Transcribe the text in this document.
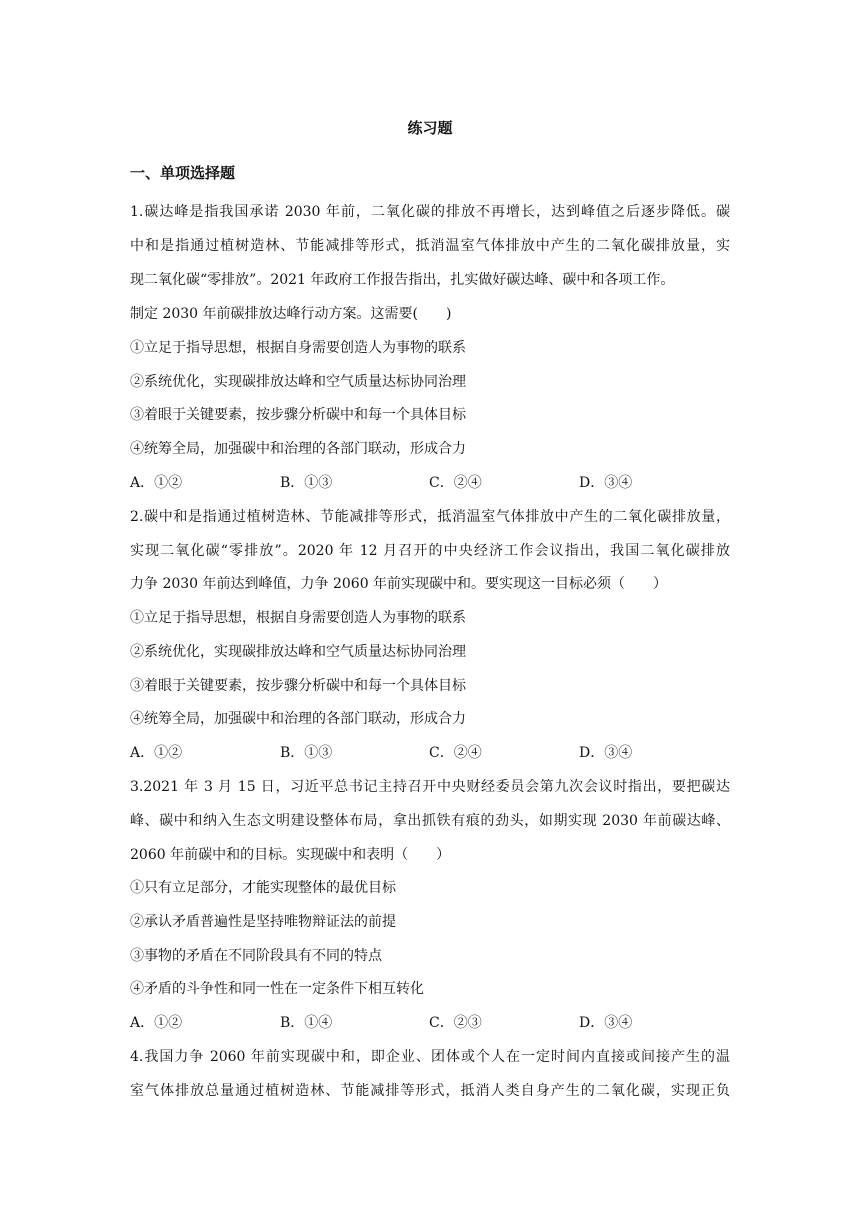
练习题
一、单项选择题
1.碳达峰是指我国承诺 2030 年前，二氧化碳的排放不再增长，达到峰值之后逐步降低。碳
中和是指通过植树造林、节能减排等形式，抵消温室气体排放中产生的二氧化碳排放量，实
现二氧化碳“零排放”。2021 年政府工作报告指出，扎实做好碳达峰、碳中和各项工作。
制定 2030 年前碳排放达峰行动方案。这需要(　　)
①立足于指导思想，根据自身需要创造人为事物的联系
②系统优化，实现碳排放达峰和空气质量达标协同治理
③着眼于关键要素，按步骤分析碳中和每一个具体目标
④统筹全局，加强碳中和治理的各部门联动，形成合力
A．①②	B．①③	C．②④	D．③④
2.碳中和是指通过植树造林、节能减排等形式，抵消温室气体排放中产生的二氧化碳排放量，
实现二氧化碳“零排放”。2020 年 12 月召开的中央经济工作会议指出，我国二氧化碳排放
力争 2030 年前达到峰值，力争 2060 年前实现碳中和。要实现这一目标必须（　　）
①立足于指导思想，根据自身需要创造人为事物的联系
②系统优化，实现碳排放达峰和空气质量达标协同治理
③着眼于关键要素，按步骤分析碳中和每一个具体目标
④统筹全局，加强碳中和治理的各部门联动，形成合力
A．①②	B．①③	C．②④	D．③④
3.2021 年 3 月 15 日，习近平总书记主持召开中央财经委员会第九次会议时指出，要把碳达
峰、碳中和纳入生态文明建设整体布局，拿出抓铁有痕的劲头，如期实现 2030 年前碳达峰、
2060 年前碳中和的目标。实现碳中和表明（　　）
①只有立足部分，才能实现整体的最优目标
②承认矛盾普遍性是坚持唯物辩证法的前提
③事物的矛盾在不同阶段具有不同的特点
④矛盾的斗争性和同一性在一定条件下相互转化
A．①②	B．①④	C．②③	D．③④
4.我国力争 2060 年前实现碳中和，即企业、团体或个人在一定时间内直接或间接产生的温
室气体排放总量通过植树造林、节能减排等形式，抵消人类自身产生的二氧化碳，实现正负
